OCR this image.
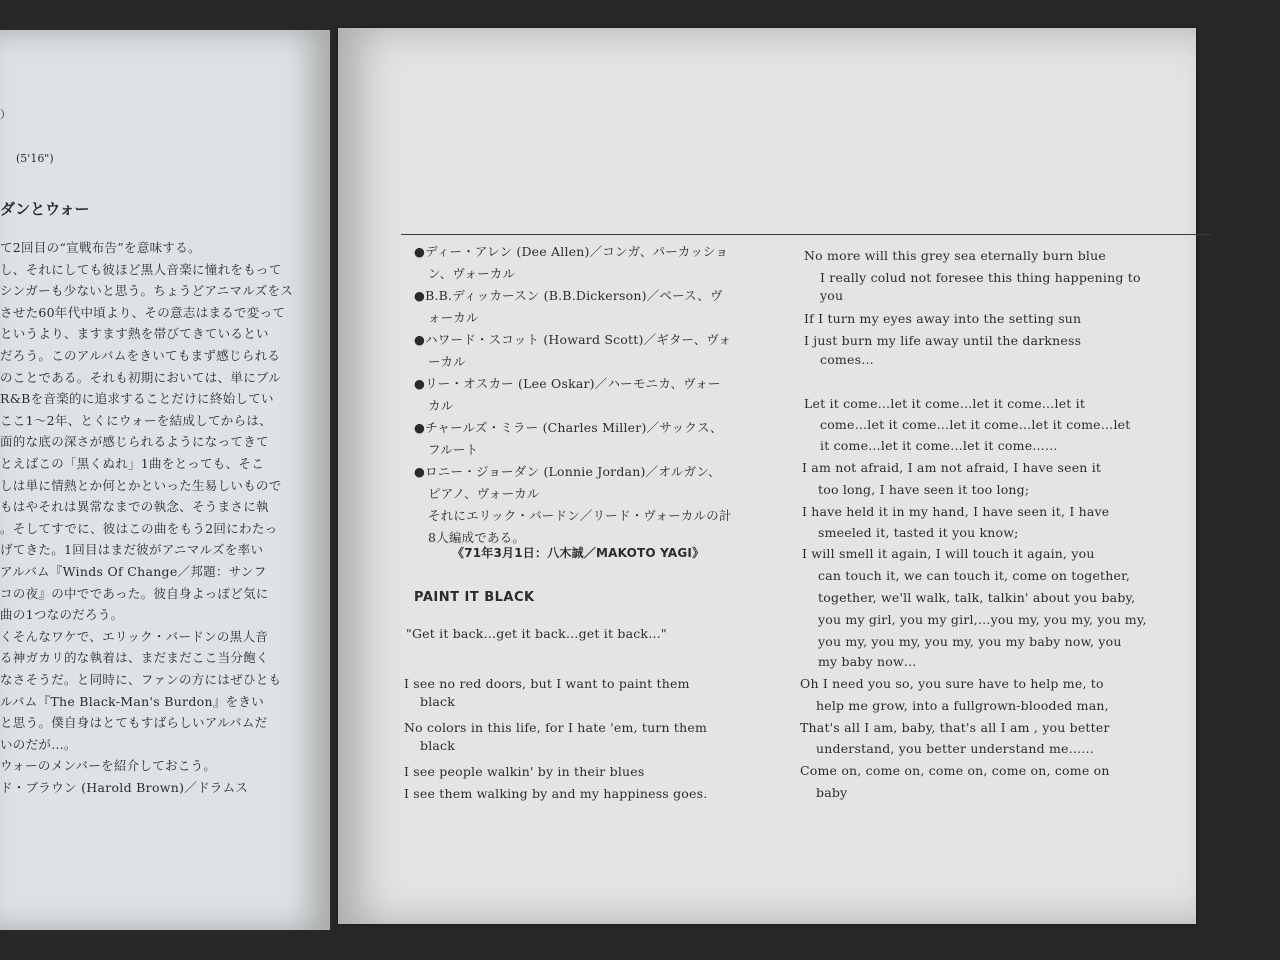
）
(5'16")
ダンとウォー
て2回目の“宣戦布告”を意味する。
し、それにしても彼ほど黒人音楽に憧れをもって
シンガーも少ないと思う。ちょうどアニマルズをス
させた60年代中頃より、その意志はまるで変って
というより、ますます熱を帯びてきているとい
だろう。このアルバムをきいてもまず感じられる
のことである。それも初期においては、単にブル
R&Bを音楽的に追求することだけに終始してい
ここ1〜2年、とくにウォーを結成してからは、
面的な底の深さが感じられるようになってきて
とえばこの「黒くぬれ」1曲をとっても、そこ
しは単に情熱とか何とかといった生易しいもので
もはやそれは異常なまでの執念、そうまさに執
。そしてすでに、彼はこの曲をもう2回にわたっ
げてきた。1回目はまだ彼がアニマルズを率い
アルバム『Winds Of Change／邦題：サンフ
コの夜』の中でであった。彼自身よっぽど気に
曲の1つなのだろう。
くそんなワケで、エリック・バードンの黒人音
る神ガカリ的な執着は、まだまだここ当分飽く
なさそうだ。と同時に、ファンの方にはぜひとも
ルバム『The Black-Man's Burdon』をきい
と思う。僕自身はとてもすばらしいアルバムだ
いのだが…。
ウォーのメンバーを紹介しておこう。
ド・ブラウン (Harold Brown)／ドラムス
●ディー・アレン (Dee Allen)／コンガ、パーカッショ
ン、ヴォーカル
●B.B.ディッカースン (B.B.Dickerson)／ベース、ヴ
ォーカル
●ハワード・スコット (Howard Scott)／ギター、ヴォ
ーカル
●リー・オスカー (Lee Oskar)／ハーモニカ、ヴォー
カル
●チャールズ・ミラー (Charles Miller)／サックス、
フルート
●ロニー・ジョーダン (Lonnie Jordan)／オルガン、
ピアノ、ヴォーカル
それにエリック・バードン／リード・ヴォーカルの計
8人編成である。
《71年3月1日：八木誠／MAKOTO YAGI》
PAINT IT BLACK
"Get it back…get it back…get it back…"
I see no red doors, but I want to paint them
black
No colors in this life, for I hate 'em, turn them
black
I see people walkin' by in their blues
I see them walking by and my happiness goes.
No more will this grey sea eternally burn blue
I really colud not foresee this thing happening to
you
If I turn my eyes away into the setting sun
I just burn my life away until the darkness
comes…
Let it come…let it come…let it come…let it
come…let it come…let it come…let it come…let
it come…let it come…let it come……
I am not afraid, I am not afraid, I have seen it
too long, I have seen it too long;
I have held it in my hand, I have seen it, I have
smeeled it, tasted it you know;
I will smell it again, I will touch it again, you
can touch it, we can touch it, come on together,
together, we'll walk, talk, talkin' about you baby,
you my girl, you my girl,…you my, you my, you my,
you my, you my, you my, you my baby now, you
my baby now…
Oh I need you so, you sure have to help me, to
help me grow, into a fullgrown-blooded man,
That's all I am, baby, that's all I am , you better
understand, you better understand me……
Come on, come on, come on, come on, come on
baby
